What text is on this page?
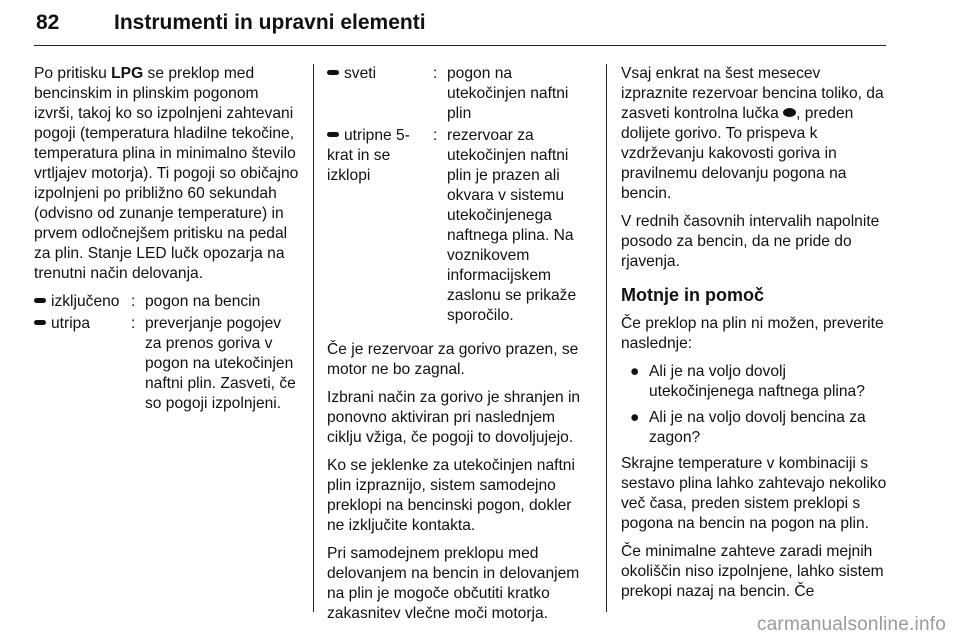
82	Instrumenti in upravni elementi

Po pritisku LPG se preklop med bencinskim in plinskim pogonom izvrši, takoj ko so izpolnjeni zahtevani pogoji (temperatura hladilne tekočine, temperatura plina in minimalno število vrtljajev motorja). Ti pogoji so običajno izpolnjeni po približno 60 sekundah (odvisno od zunanje temperature) in prvem odločnejšem pritisku na pedal za plin. Stanje LED lučk opozarja na trenutni način delovanja.

izključeno : pogon na bencin
utripa	: preverjanje pogojev za prenos goriva v pogon na utekočinjen naftni plin. Zasveti, če so pogoji izpolnjeni.
sveti	: pogon na utekočinjen naftni plin
utripne 5-krat in se izklopi
: rezervoar za utekočinjen naftni plin je prazen ali okvara v sistemu utekočinjenega naftnega plina. Na voznikovem informacijskem zaslonu se prikaže sporočilo.

Če je rezervoar za gorivo prazen, se motor ne bo zagnal.

Izbrani način za gorivo je shranjen in ponovno aktiviran pri naslednjem ciklju vžiga, če pogoji to dovoljujejo.

Ko se jeklenke za utekočinjen naftni plin izpraznijo, sistem samodejno preklopi na bencinski pogon, dokler ne izključite kontakta.

Pri samodejnem preklopu med delovanjem na bencin in delovanjem na plin je mogoče občutiti kratko zakasnitev vlečne moči motorja.

Vsaj enkrat na šest mesecev izpraznite rezervoar bencina toliko, da zasveti kontrolna lučka , preden dolijete gorivo. To prispeva k vzdrževanju kakovosti goriva in pravilnemu delovanju pogona na bencin.

V rednih časovnih intervalih napolnite posodo za bencin, da ne pride do rjavenja.

Motnje in pomoč

Če preklop na plin ni možen, preverite naslednje:

● Ali je na voljo dovolj utekočinjenega naftnega plina?
● Ali je na voljo dovolj bencina za zagon?

Skrajne temperature v kombinaciji s sestavo plina lahko zahtevajo nekoliko več časa, preden sistem preklopi s pogona na bencin na pogon na plin.

Če minimalne zahteve zaradi mejnih okoliščin niso izpolnjene, lahko sistem prekopi nazaj na bencin. Če

carmanualsonline.info
